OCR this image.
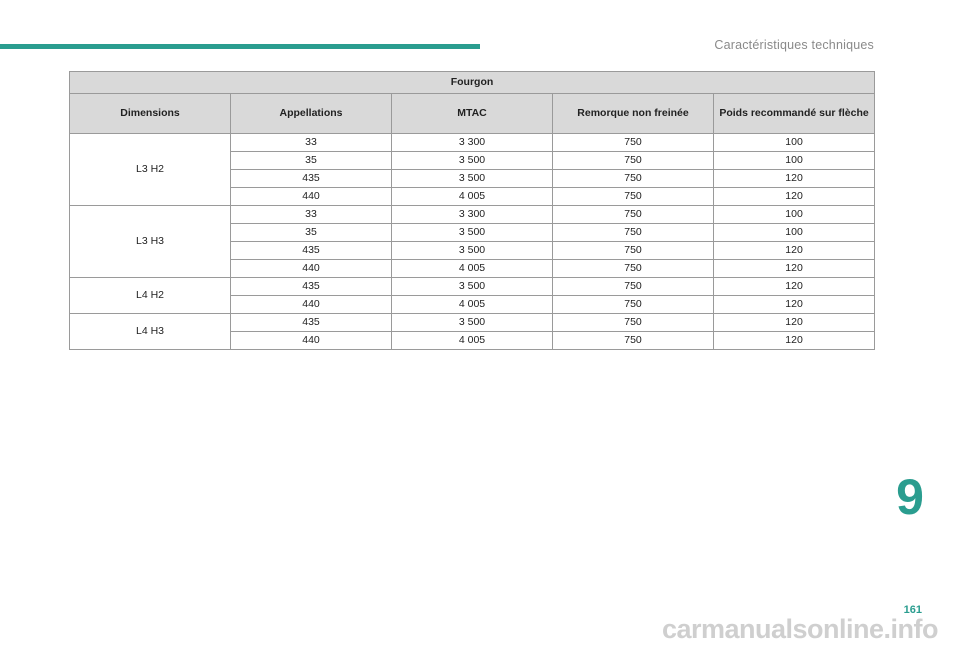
Caractéristiques techniques
Fourgon				
Dimensions	Appellations	MTAC	Remorque non freinée	Poids recommandé sur flèche
L3 H2	33	3 300	750	100
	35	3 500	750	100
	435	3 500	750	120
	440	4 005	750	120
L3 H3	33	3 300	750	100
	35	3 500	750	100
	435	3 500	750	120
	440	4 005	750	120
L4 H2	435	3 500	750	120
	440	4 005	750	120
L4 H3	435	3 500	750	120
	440	4 005	750	120
9
161
carmanualsonline.info
